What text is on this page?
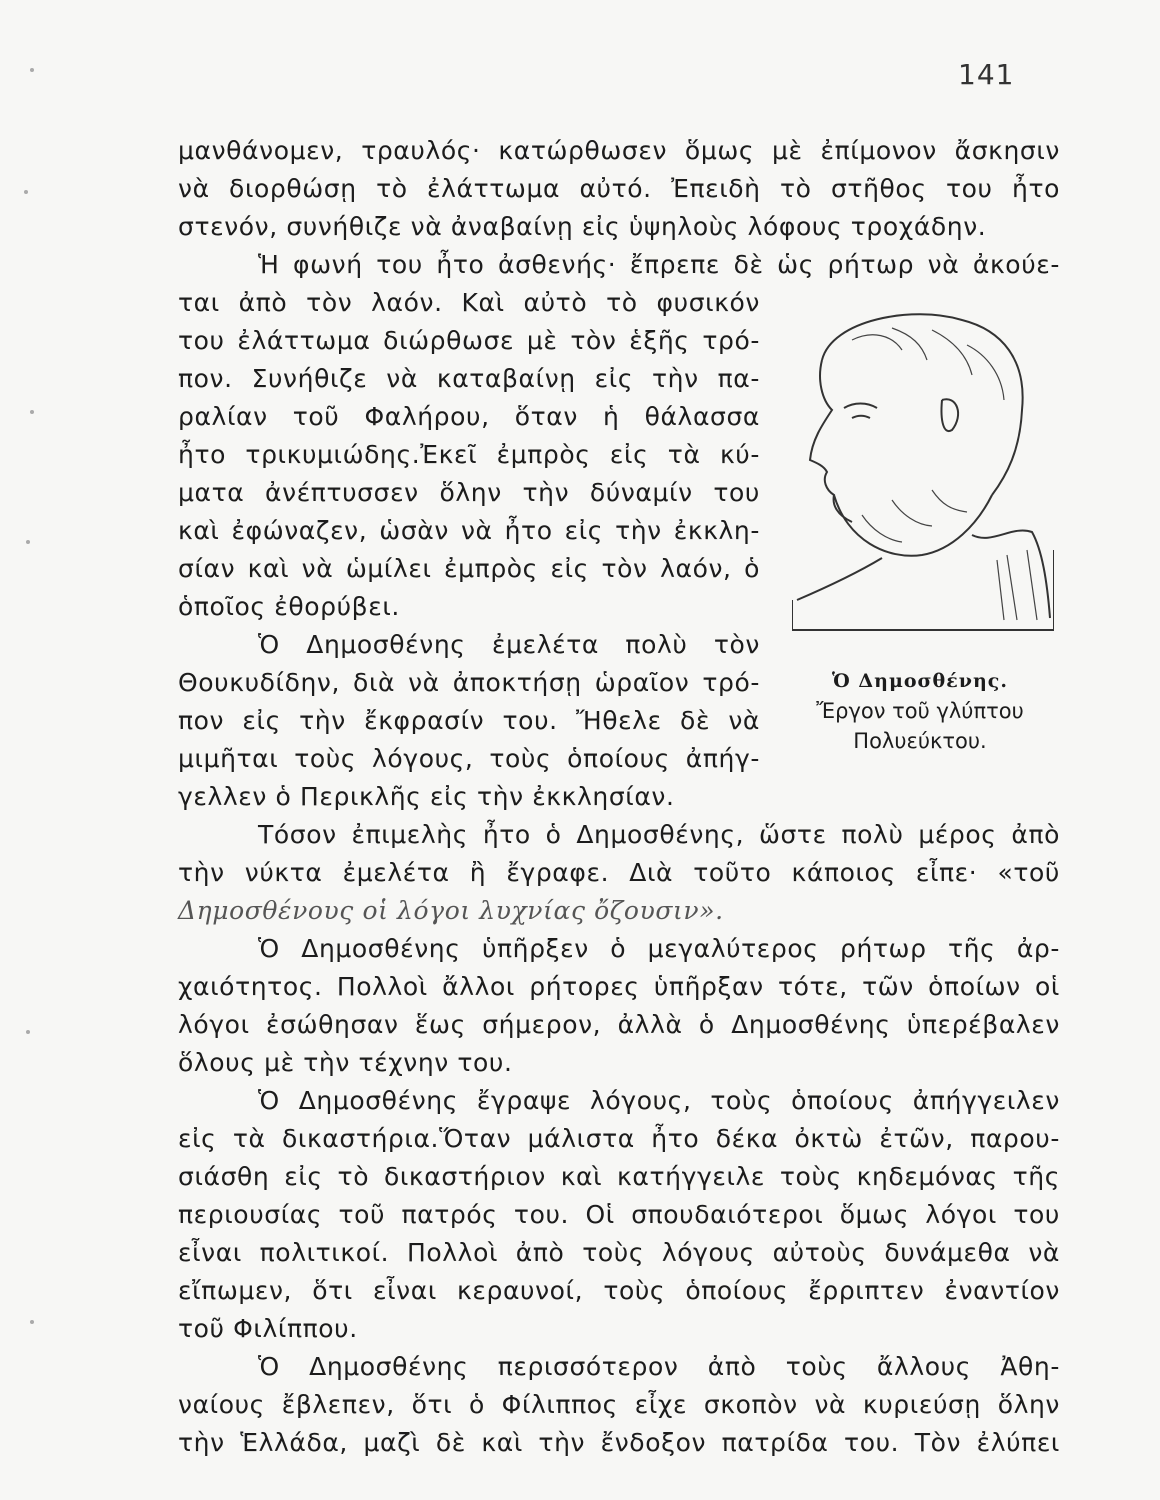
141
μανθάνομεν, τραυλός· κατώρθωσεν ὅμως μὲ ἐπίμονον ἄσκησιν
νὰ διορθώσῃ τὸ ἐλάττωμα αὐτό. Ἐπειδὴ τὸ στῆθος του ἦτο
στενόν, συνήθιζε νὰ ἀναβαίνῃ εἰς ὑψηλοὺς λόφους τροχάδην.
Ἡ φωνή του ἦτο ἀσθενής· ἔπρεπε δὲ ὡς ρήτωρ νὰ ἀκούε-
ται ἀπὸ τὸν λαόν. Καὶ αὐτὸ τὸ φυσικόν
του ἐλάττωμα διώρθωσε μὲ τὸν ἑξῆς τρό-
πον. Συνήθιζε νὰ καταβαίνῃ εἰς τὴν πα-
ραλίαν τοῦ Φαλήρου, ὅταν ἡ θάλασσα
ἦτο τρικυμιώδης.Ἐκεῖ ἐμπρὸς εἰς τὰ κύ-
ματα ἀνέπτυσσεν ὅλην τὴν δύναμίν του
καὶ ἐφώναζεν, ὡσὰν νὰ ἦτο εἰς τὴν ἐκκλη-
σίαν καὶ νὰ ὡμίλει ἐμπρὸς εἰς τὸν λαόν, ὁ
ὁποῖος ἐθορύβει.
Ὁ Δημοσθένης ἐμελέτα πολὺ τὸν
Θουκυδίδην, διὰ νὰ ἀποκτήσῃ ὡραῖον τρό-
πον εἰς τὴν ἔκφρασίν του. Ἤθελε δὲ νὰ
μιμῆται τοὺς λόγους, τοὺς ὁποίους ἀπήγ-
γελλεν ὁ Περικλῆς εἰς τὴν ἐκκλησίαν.
Τόσον ἐπιμελὴς ἦτο ὁ Δημοσθένης, ὥστε πολὺ μέρος ἀπὸ
τὴν νύκτα ἐμελέτα ἢ ἔγραφε. Διὰ τοῦτο κάποιος εἶπε· «τοῦ
Δημοσθένους οἱ λόγοι λυχνίας ὄζουσιν».
Ὁ Δημοσθένης ὑπῆρξεν ὁ μεγαλύτερος ρήτωρ τῆς ἀρ-
χαιότητος. Πολλοὶ ἄλλοι ρήτορες ὑπῆρξαν τότε, τῶν ὁποίων οἱ
λόγοι ἐσώθησαν ἕως σήμερον, ἀλλὰ ὁ Δημοσθένης ὑπερέβαλεν
ὅλους μὲ τὴν τέχνην του.
Ὁ Δημοσθένης ἔγραψε λόγους, τοὺς ὁποίους ἀπήγγειλεν
εἰς τὰ δικαστήρια.Ὅταν μάλιστα ἦτο δέκα ὀκτὼ ἐτῶν, παρου-
σιάσθη εἰς τὸ δικαστήριον καὶ κατήγγειλε τοὺς κηδεμόνας τῆς
περιουσίας τοῦ πατρός του. Οἱ σπουδαιότεροι ὅμως λόγοι του
εἶναι πολιτικοί. Πολλοὶ ἀπὸ τοὺς λόγους αὐτοὺς δυνάμεθα νὰ
εἴπωμεν, ὅτι εἶναι κεραυνοί, τοὺς ὁποίους ἔρριπτεν ἐναντίον
τοῦ Φιλίππου.
Ὁ Δημοσθένης περισσότερον ἀπὸ τοὺς ἄλλους Ἀθη-
ναίους ἔβλεπεν, ὅτι ὁ Φίλιππος εἶχε σκοπὸν νὰ κυριεύσῃ ὅλην
τὴν Ἑλλάδα, μαζὶ δὲ καὶ τὴν ἔνδοξον πατρίδα του. Τὸν ἐλύπει
Ὁ Δημοσθένης.
Ἔργον τοῦ γλύπτου
Πολυεύκτου.
